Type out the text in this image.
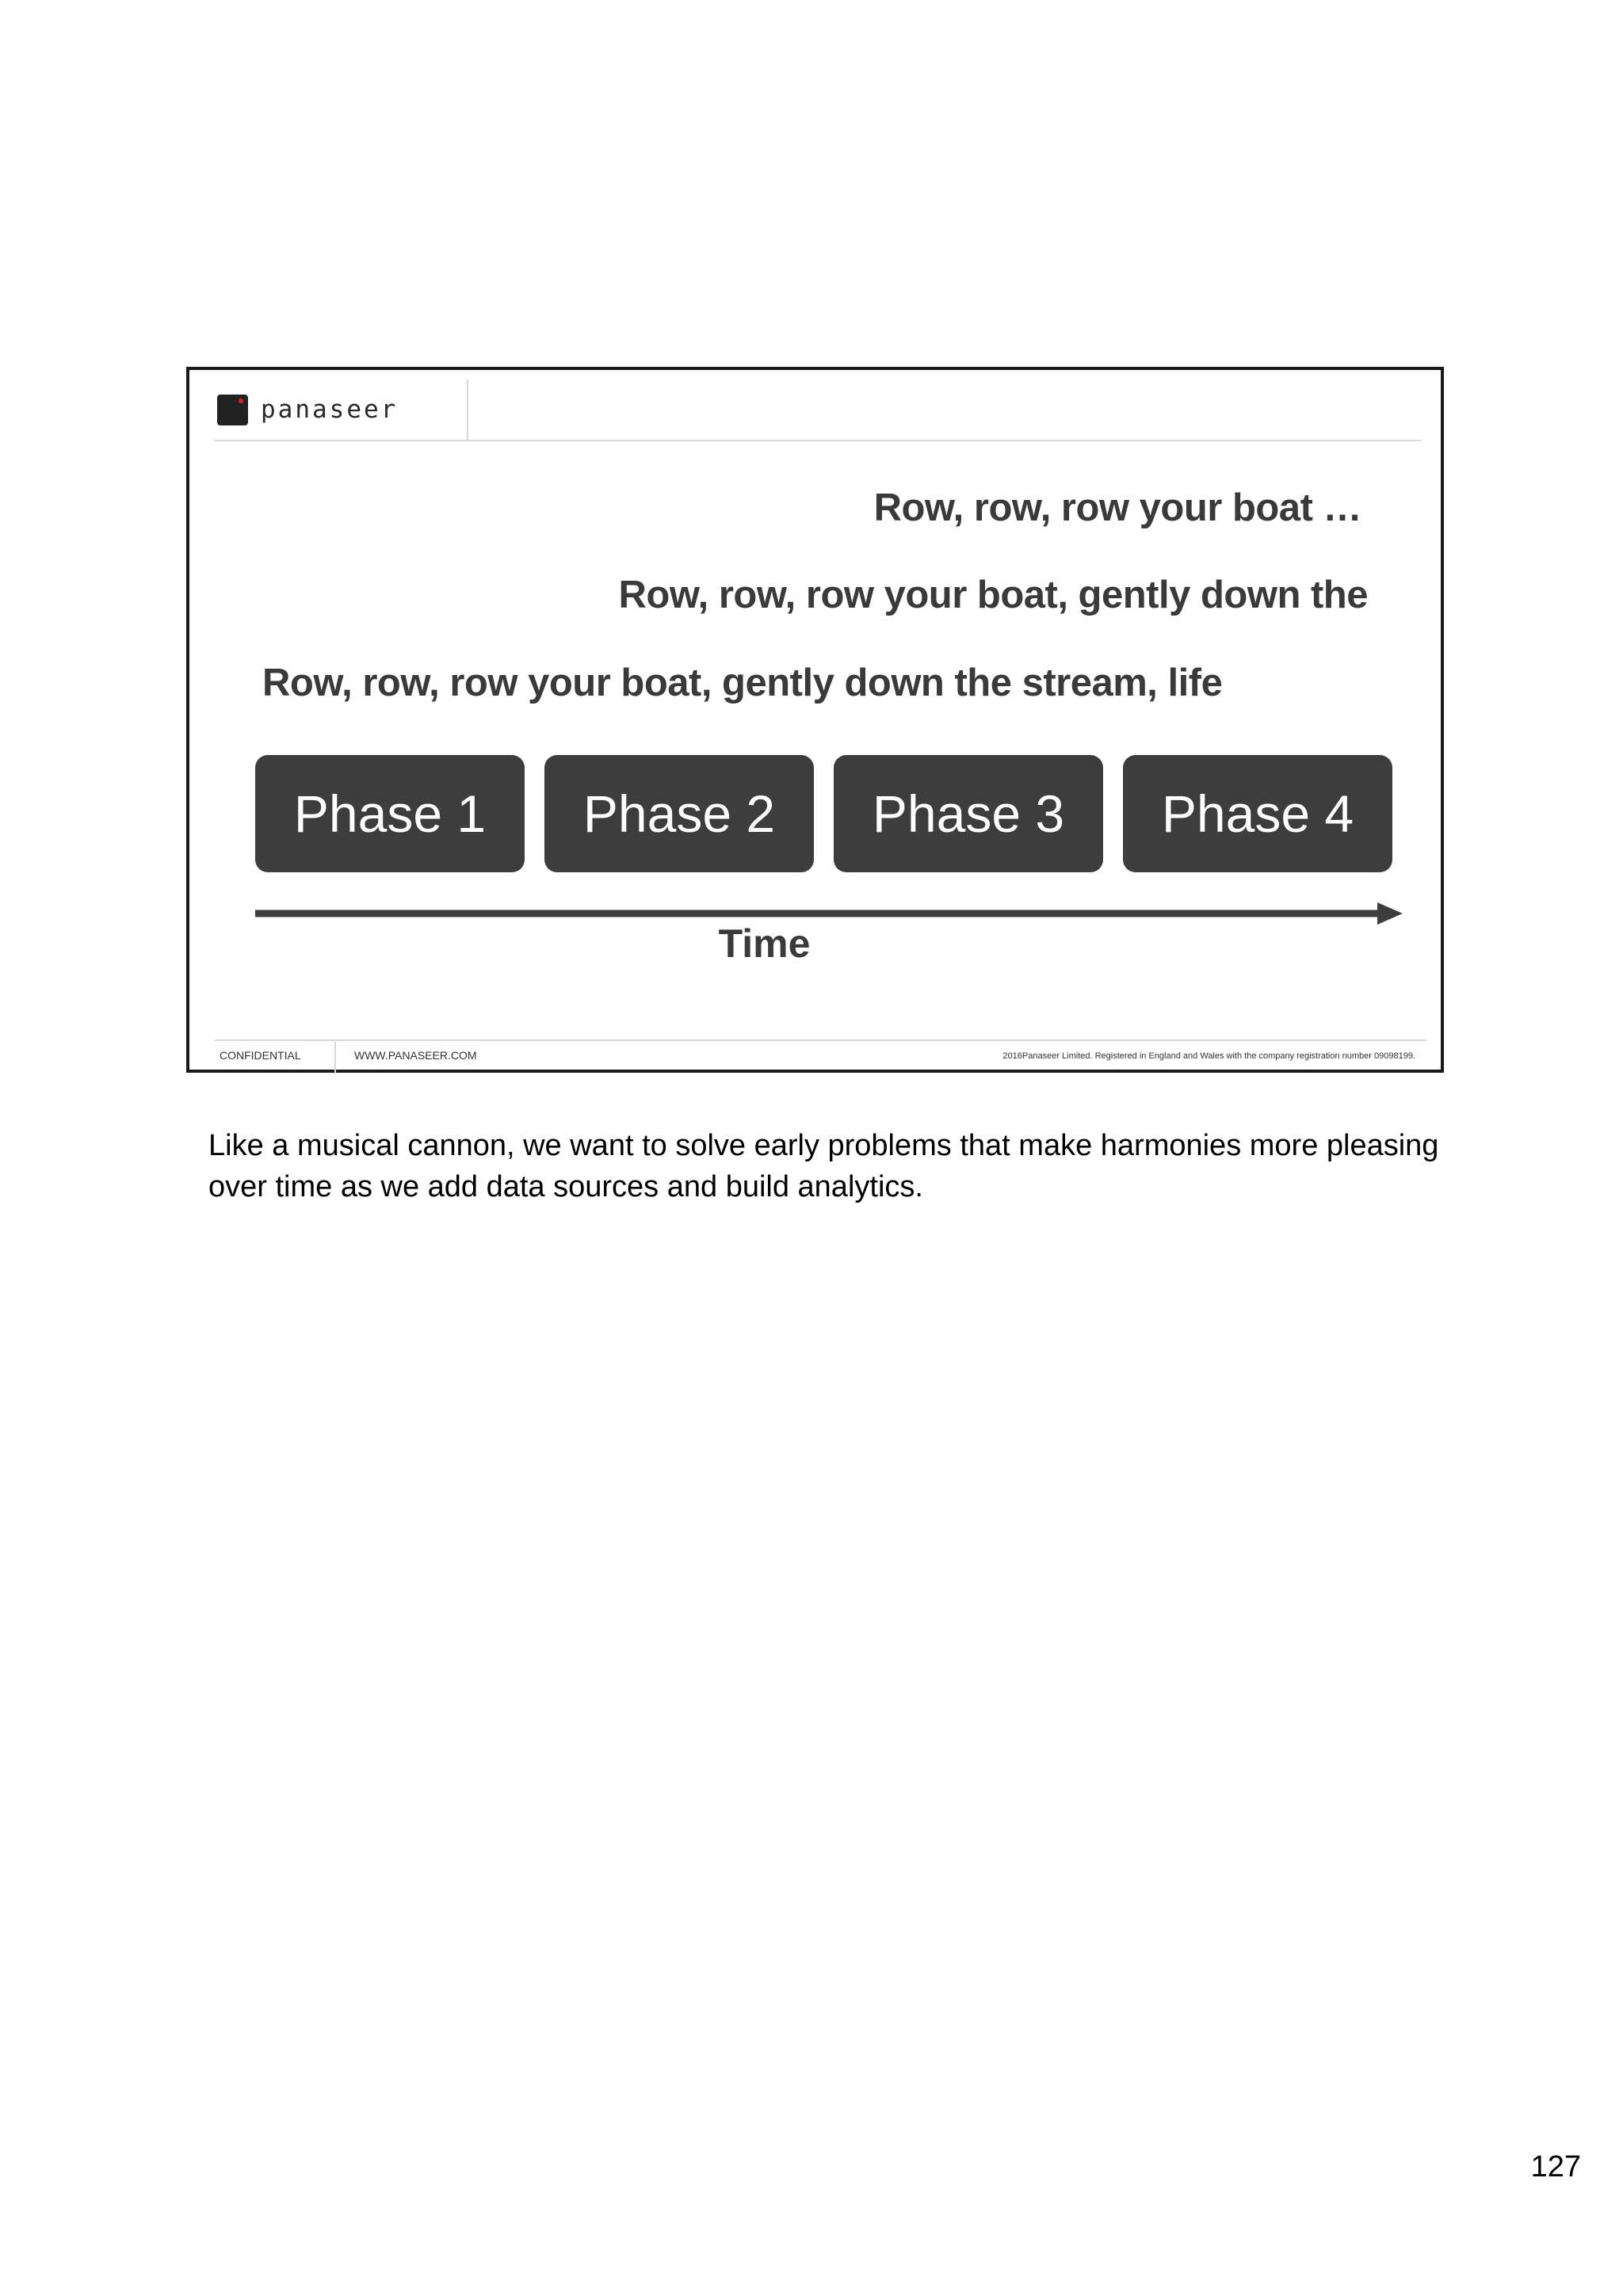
panaseer
Row, row, row your boat …
Row, row, row your boat, gently down the
Row, row, row your boat, gently down the stream, life
Phase 1	Phase 2	Phase 3	Phase 4
Time
CONFIDENTIAL	WWW.PANASEER.COM	2016Panaseer Limited. Registered in England and Wales with the company registration number 09098199.
Like a musical cannon, we want to solve early problems that make harmonies more pleasing over time as we add data sources and build analytics.
127
